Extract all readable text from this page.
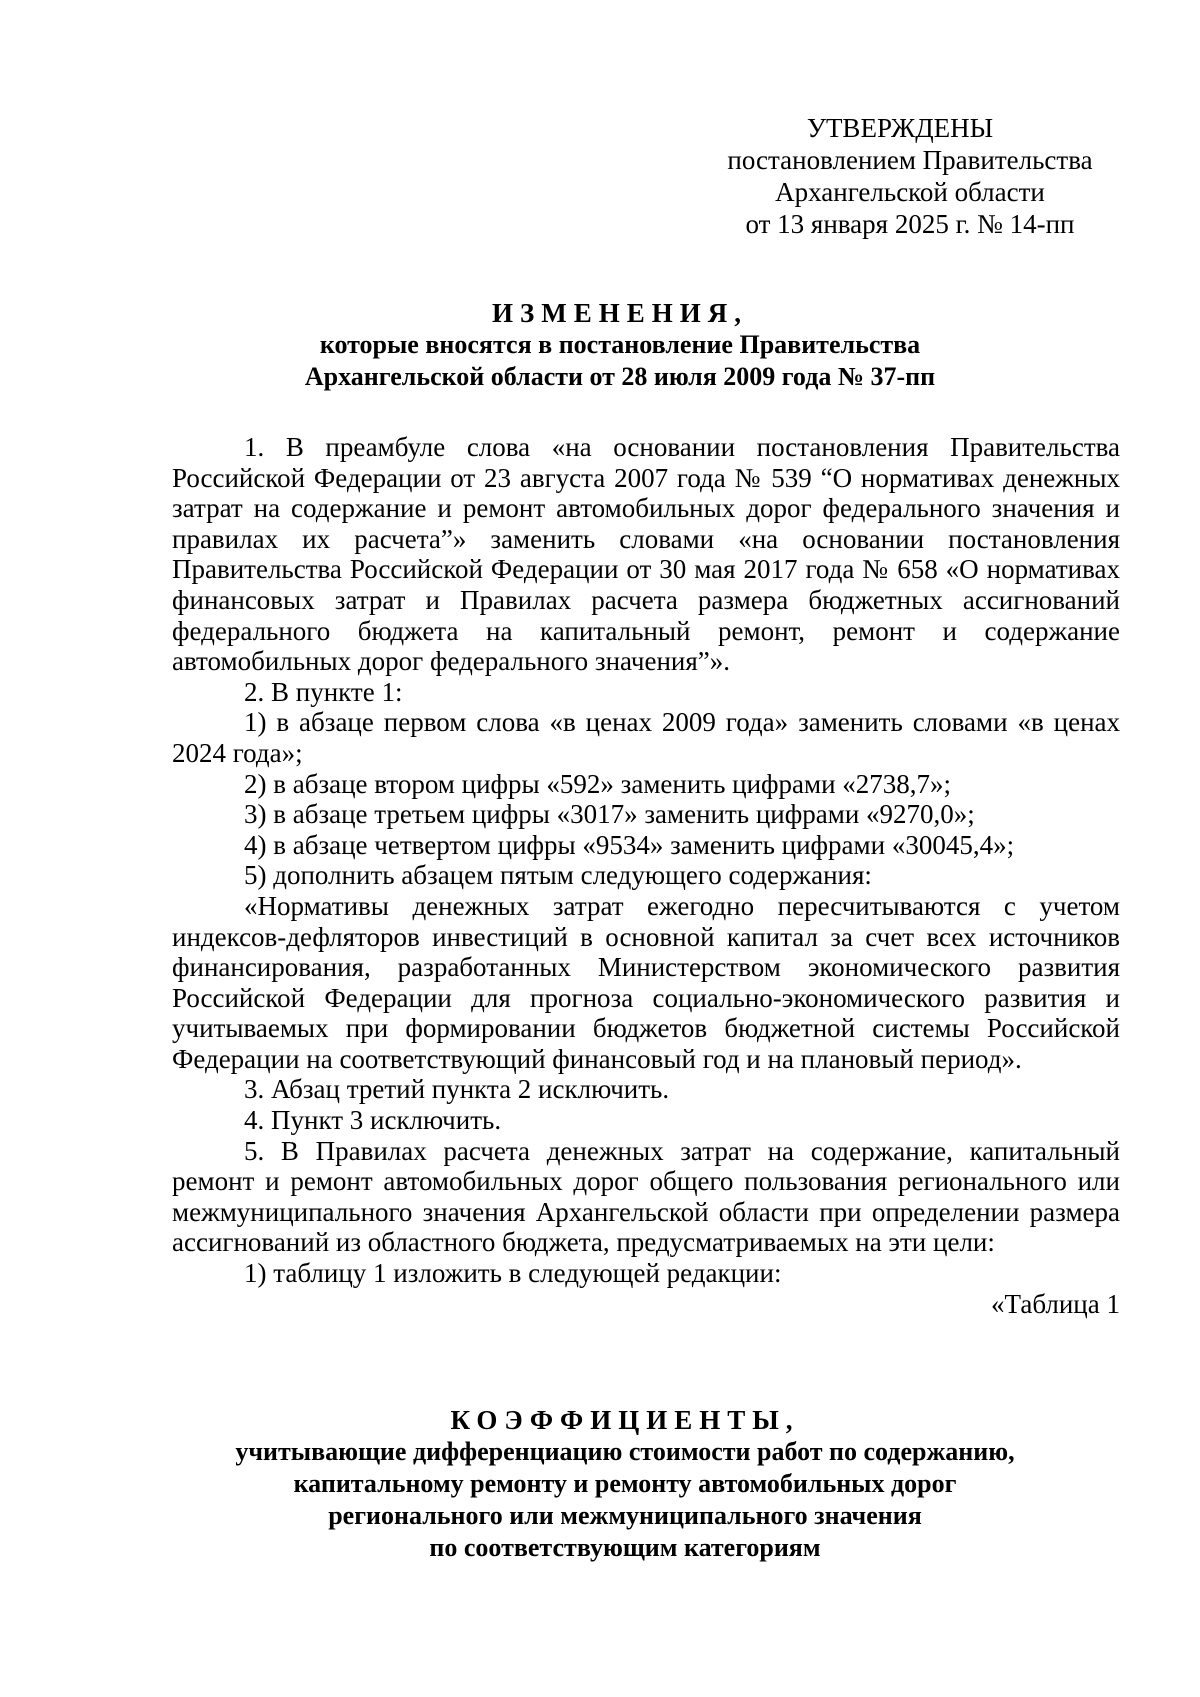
УТВЕРЖДЕНЫ
постановлением Правительства
Архангельской области
от 13 января 2025 г. № 14-пп
ИЗМЕНЕНИЯ,
которые вносятся в постановление Правительства
Архангельской области от 28 июля 2009 года № 37-пп

1. В преамбуле слова «на основании постановления Правительства Российской Федерации от 23 августа 2007 года № 539 “О нормативах денежных затрат на содержание и ремонт автомобильных дорог федерального значения и правилах их расчета”» заменить словами «на основании постановления Правительства Российской Федерации от 30 мая 2017 года № 658 «О нормативах финансовых затрат и Правилах расчета размера бюджетных ассигнований федерального бюджета на капитальный ремонт, ремонт и содержание автомобильных дорог федерального значения”».

2. В пункте 1:

1) в абзаце первом слова «в ценах 2009 года» заменить словами «в ценах 2024 года»;

2) в абзаце втором цифры «592» заменить цифрами «2738,7»;

3) в абзаце третьем цифры «3017» заменить цифрами «9270,0»;

4) в абзаце четвертом цифры «9534» заменить цифрами «30045,4»;

5) дополнить абзацем пятым следующего содержания:

«Нормативы денежных затрат ежегодно пересчитываются с учетом индексов-дефляторов инвестиций в основной капитал за счет всех источников финансирования, разработанных Министерством экономического развития Российской Федерации для прогноза социально-экономического развития и учитываемых при формировании бюджетов бюджетной системы Российской Федерации на соответствующий финансовый год и на плановый период».

3. Абзац третий пункта 2 исключить.

4. Пункт 3 исключить.

5. В Правилах расчета денежных затрат на содержание, капитальный ремонт и ремонт автомобильных дорог общего пользования регионального или межмуниципального значения Архангельской области при определении размера ассигнований из областного бюджета, предусматриваемых на эти цели:

1) таблицу 1 изложить в следующей редакции:

«Таблица 1

КОЭФФИЦИЕНТЫ,
учитывающие дифференциацию стоимости работ по содержанию,
капитальному ремонту и ремонту автомобильных дорог
регионального или межмуниципального значения
по соответствующим категориям
